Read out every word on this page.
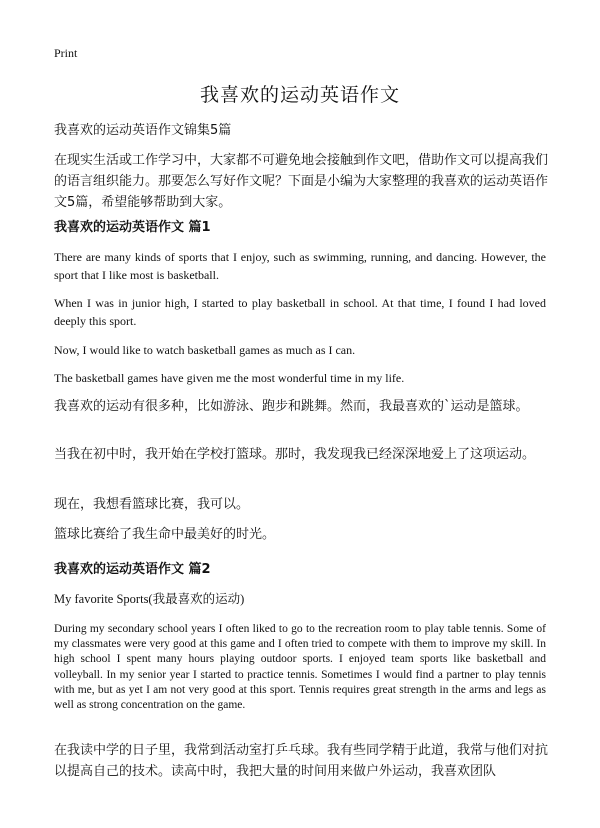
Print
我喜欢的运动英语作文
我喜欢的运动英语作文锦集5篇
在现实生活或工作学习中，大家都不可避免地会接触到作文吧，借助作文可以提高我们的语言组织能力。那要怎么写好作文呢？下面是小编为大家整理的我喜欢的运动英语作文5篇，希望能够帮助到大家。
我喜欢的运动英语作文 篇1
There are many kinds of sports that I enjoy, such as swimming, running, and dancing. However, the sport that I like most is basketball.
When I was in junior high, I started to play basketball in school. At that time, I found I had loved deeply this sport.
Now, I would like to watch basketball games as much as I can.
The basketball games have given me the most wonderful time in my life.
我喜欢的运动有很多种，比如游泳、跑步和跳舞。然而，我最喜欢的`运动是篮球。
当我在初中时，我开始在学校打篮球。那时，我发现我已经深深地爱上了这项运动。
现在，我想看篮球比赛，我可以。
篮球比赛给了我生命中最美好的时光。
我喜欢的运动英语作文 篇2
My favorite Sports(我最喜欢的运动)
During my secondary school years I often liked to go to the recreation room to play table tennis. Some of my classmates were very good at this game and I often tried to compete with them to improve my skill. In high school I spent many hours playing outdoor sports. I enjoyed team sports like basketball and volleyball. In my senior year I started to practice tennis. Sometimes I would find a partner to play tennis with me, but as yet I am not very good at this sport. Tennis requires great strength in the arms and legs as well as strong concentration on the game.
在我读中学的日子里，我常到活动室打乒乓球。我有些同学精于此道，我常与他们对抗以提高自己的技术。读高中时，我把大量的时间用来做户外运动，我喜欢团队
